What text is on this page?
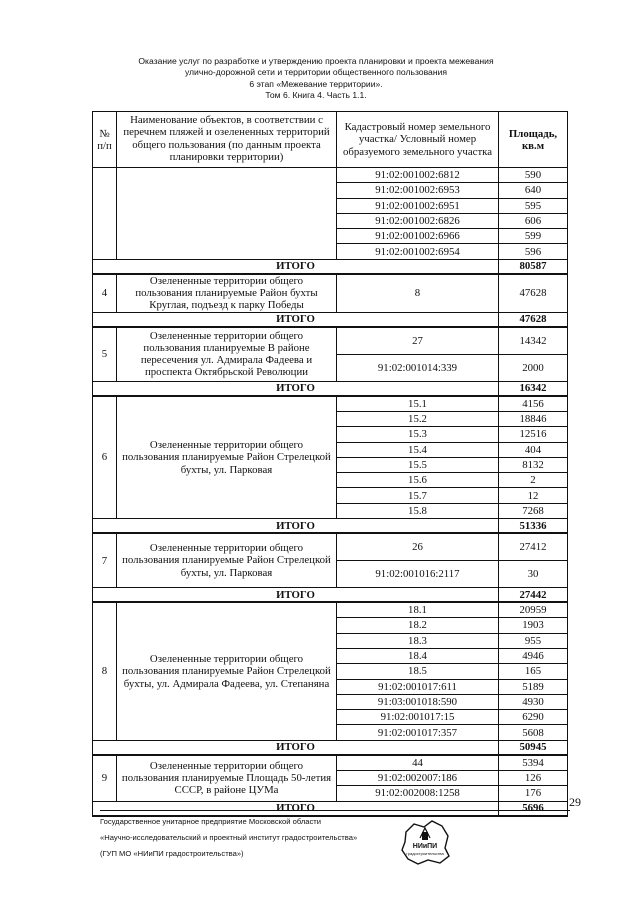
Оказание услуг по разработке и утверждению проекта планировки и проекта межевания
улично-дорожной сети и территории общественного пользования
6 этап «Межевание территории».
Том 6. Книга 4. Часть 1.1.
№ п/п	Наименование объектов, в соответствии с перечнем пляжей и озелененных территорий общего пользования (по данным проекта планировки территории)	Кадастровый номер земельного участка/ Условный номер образуемого земельного участка	Площадь, кв.м
		91:02:001002:6812	590
		91:02:001002:6953	640
		91:02:001002:6951	595
		91:02:001002:6826	606
		91:02:001002:6966	599
		91:02:001002:6954	596
ИТОГО			80587
4	Озелененные территории общего пользования планируемые Район бухты Круглая, подъезд к парку Победы	8	47628
ИТОГО			47628
5	Озелененные территории общего пользования планируемые В районе пересечения ул. Адмирала Фадеева и проспекта Октябрьской Революции	27	14342
		91:02:001014:339	2000
ИТОГО			16342
6	Озелененные территории общего пользования планируемые Район Стрелецкой бухты, ул. Парковая	15.1	4156
		15.2	18846
		15.3	12516
		15.4	404
		15.5	8132
		15.6	2
		15.7	12
		15.8	7268
ИТОГО			51336
7	Озелененные территории общего пользования планируемые Район Стрелецкой бухты, ул. Парковая	26	27412
		91:02:001016:2117	30
ИТОГО			27442
8	Озелененные территории общего пользования планируемые Район Стрелецкой бухты, ул. Адмирала Фадеева, ул. Степаняна	18.1	20959
		18.2	1903
		18.3	955
		18.4	4946
		18.5	165
		91:02:001017:611	5189
		91:03:001018:590	4930
		91:02:001017:15	6290
		91:02:001017:357	5608
ИТОГО			50945
9	Озелененные территории общего пользования планируемые Площадь 50-летия СССР, в районе ЦУМа	44	5394
		91:02:002007:186	126
		91:02:002008:1258	176
ИТОГО			5696 29
Государственное унитарное предприятие Московской области
«Научно-исследовательский и проектный институт градостроительства»
(ГУП МО «НИиПИ градостроительства»)
НИиПИ
градостроительства
